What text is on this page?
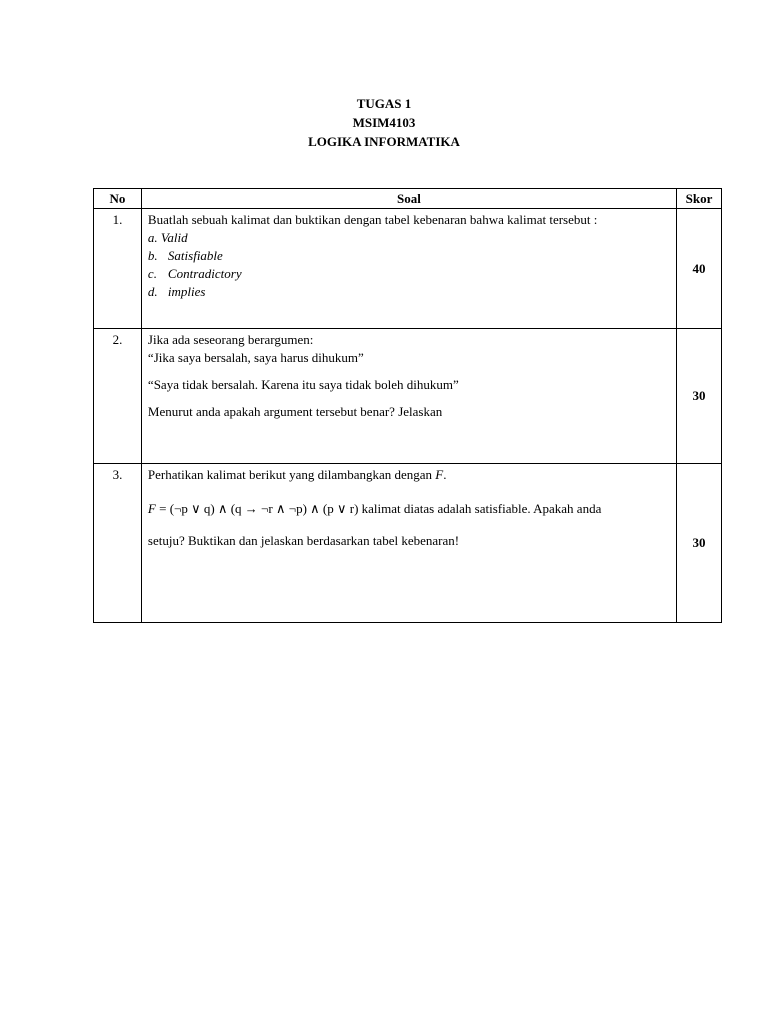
TUGAS 1
MSIM4103
LOGIKA INFORMATIKA
No	Soal	Skor
1.	Buatlah sebuah kalimat dan buktikan dengan tabel kebenaran bahwa kalimat tersebut :
a. Valid
b. Satisfiable
c. Contradictory
d. implies	40
2.	Jika ada seseorang berargumen:
“Jika saya bersalah, saya harus dihukum”
“Saya tidak bersalah. Karena itu saya tidak boleh dihukum”
Menurut anda apakah argument tersebut benar? Jelaskan	30
3.	Perhatikan kalimat berikut yang dilambangkan dengan F.
F = (¬p ∨ q) ∧ (q → ¬r ∧ ¬p) ∧ (p ∨ r) kalimat diatas adalah satisfiable. Apakah anda
setuju? Buktikan dan jelaskan berdasarkan tabel kebenaran!	30
